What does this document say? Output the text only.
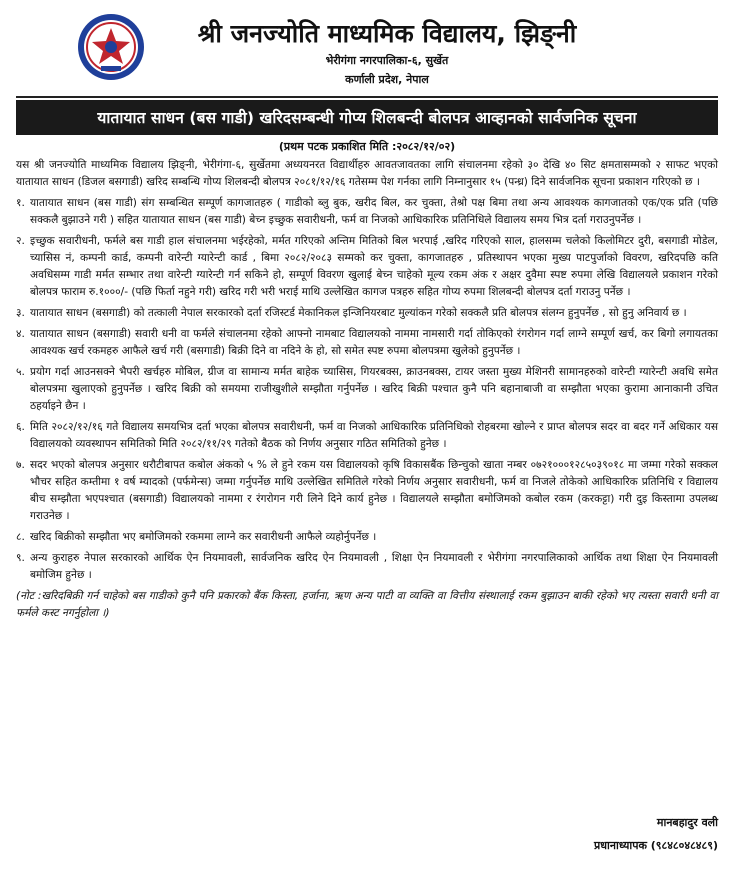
श्री जनज्योति माध्यमिक विद्यालय, झिङ्नी
भेरीगंगा नगरपालिका-६, सुर्खेत
कर्णाली प्रदेश, नेपाल
यातायात साधन (बस गाडी) खरिदसम्बन्धी गोप्य शिलबन्दी बोलपत्र आव्हानको सार्वजनिक सूचना
(प्रथम पटक प्रकाशित मिति :२०८२/१२/०२)
यस श्री जनज्योति माध्यमिक विद्यालय झिङ्नी, भेरीगंगा-६, सुर्खेतमा अध्ययनरत विद्यार्थीहरु आवतजावतका लागि संचालनमा रहेको ३० देखि ४० सिट क्षमतासम्मको २ साफट भएको यातायात साधन (डिजल बसगाडी) खरिद सम्बन्धि गोप्य शिलबन्दी बोलपत्र २०८१/१२/१६ गतेसम्म पेश गर्नका लागि निम्नानुसार १५ (पन्ध्र) दिने सार्वजनिक सूचना प्रकाशन गरिएको छ ।
१. यातायात साधन (बस गाडी) संग सम्बन्धित सम्पूर्ण कागजातहरु ( गाडीको ब्लु बुक, खरीद बिल, कर चुक्ता, तेश्रो पक्ष बिमा तथा अन्य आवश्यक कागजातको एक/एक प्रति (पछि सक्कलै बुझाउने गरी ) सहित यातायात साधन (बस गाडी) बेच्न इच्छुक सवारीधनी, फर्म वा निजको आधिकारिक प्रतिनिधिले विद्यालय समय भित्र दर्ता गराउनुपर्नेछ ।
२. इच्छुक सवारीधनी, फर्मले बस गाडी हाल संचालनमा भईरहेको, मर्मत गरिएको अन्तिम मितिको बिल भरपाई ,खरिद गरिएको साल, हालसम्म चलेको किलोमिटर दुरी, बसगाडी मोडेल, च्यासिस नं, कम्पनी कार्ड, कम्पनी वारेन्टी ग्यारेन्टी कार्ड , बिमा २०८२/२०८३ सम्मको कर चुक्ता, कागजातहरु , प्रतिस्थापन भएका मुख्य पाटपुर्जाको विवरण, खरिदपछि कति अवधिसम्म गाडी मर्मत सम्भार तथा वारेन्टी ग्यारेन्टी गर्न सकिने हो, सम्पूर्ण विवरण खुलाई बेच्न चाहेको मूल्य रकम अंक र अक्षर दुवैमा स्पष्ट रुपमा लेखि विद्यालयले प्रकाशन गरेको बोलपत्र फाराम रु.१०००/- (पछि फिर्ता नहुने गरी) खरिद गरी भरी भराई माथि उल्लेखित कागज पत्रहरु सहित गोप्य रुपमा शिलबन्दी बोलपत्र दर्ता गराउनु पर्नेछ ।
३. यातायात साधन (बसगाडी) को तत्काली नेपाल सरकारको दर्ता रजिस्टर्ड मेकानिकल इन्जिनियरबाट मुल्यांकन गरेको सक्कलै प्रति बोलपत्र संलग्न हुनुपर्नेछ , सो हुनु अनिवार्य छ ।
४. यातायात साधन (बसगाडी) सवारी धनी वा फर्मले संचालनमा रहेको आफ्नो नामबाट विद्यालयको नाममा नामसारी गर्दा तोकिएको रंगरोगन गर्दा लाग्ने सम्पूर्ण खर्च, कर बिगो लगायतका आवश्यक खर्च रकमहरु आफैले खर्च गरी (बसगाडी) बिक्री दिने वा नदिने के हो, सो समेत स्पष्ट रुपमा बोलपत्रमा खुलेको हुनुपर्नेछ ।
५. प्रयोग गर्दा आउनसक्ने भैपरी खर्चहरु मोबिल, ग्रीज वा सामान्य मर्मत बाहेक च्यासिस, गियरबक्स, क्राउनबक्स, टायर जस्ता मुख्य मेशिनरी सामानहरुको वारेन्टी ग्यारेन्टी अवधि समेत बोलपत्रमा खुलाएको हुनुपर्नेछ । खरिद बिक्री को समयमा राजीखुशीले सम्झौता गर्नुपर्नेछ । खरिद बिक्री पश्चात कुनै पनि बहानाबाजी वा सम्झौता भएका कुरामा आनाकानी उचित ठहर्याइने छैन ।
६. मिति २०८२/१२/१६ गते विद्यालय समयभित्र दर्ता भएका बोलपत्र सवारीधनी, फर्म वा निजको आधिकारिक प्रतिनिधिको रोहबरमा खोल्ने र प्राप्त बोलपत्र सदर वा बदर गर्ने अधिकार यस विद्यालयको व्यवस्थापन समितिको मिति २०८२/११/२९ गतेको बैठक को निर्णय अनुसार गठित समितिको हुनेछ ।
७. सदर भएको बोलपत्र अनुसार धरौटीबापत कबोल अंकको ५ % ले हुने रकम यस विद्यालयको कृषि विकासबैंक छिन्चुको खाता नम्बर ०७२१०००१२८५०३९०१८ मा जम्मा गरेको सक्कल भौचर सहित कम्तीमा १ वर्ष म्यादको (पर्फमेन्स) जम्मा गर्नुपर्नेछ माथि उल्लेखित समितिले गरेको निर्णय अनुसार सवारीधनी, फर्म वा निजले तोकेको आधिकारिक प्रतिनिधि र विद्यालय बीच सम्झौता भएपश्चात (बसगाडी) विद्यालयको नाममा र रंगरोगन गरी लिने दिने कार्य हुनेछ । विद्यालयले सम्झौता बमोजिमको कबोल रकम (करकट्टा) गरी दुइ किस्तामा उपलब्ध गराउनेछ ।
८. खरिद बिक्रीको सम्झौता भए बमोजिमको रकममा लाग्ने कर सवारीधनी आफैले व्यहोर्नुपर्नेछ ।
९. अन्य कुराहरु नेपाल सरकारको आर्थिक ऐन नियमावली, सार्वजनिक खरिद ऐन नियमावली , शिक्षा ऐन नियमावली र भेरीगंगा नगरपालिकाको आर्थिक तथा शिक्षा ऐन नियमावली बमोजिम हुनेछ ।
(नोट :खरिदबिक्री गर्न चाहेको बस गाडीको कुनै पनि प्रकारको बैंक किस्ता, हर्जाना, ऋण अन्य पाटी वा व्यक्ति वा वित्तीय संस्थालाई रकम बुझाउन बाकी रहेको भए त्यस्ता सवारी धनी वा फर्मले कस्ट नगर्नुहोला ।)
मानबहादुर वली
प्रधानाध्यापक (९८४८०४८४८९)
